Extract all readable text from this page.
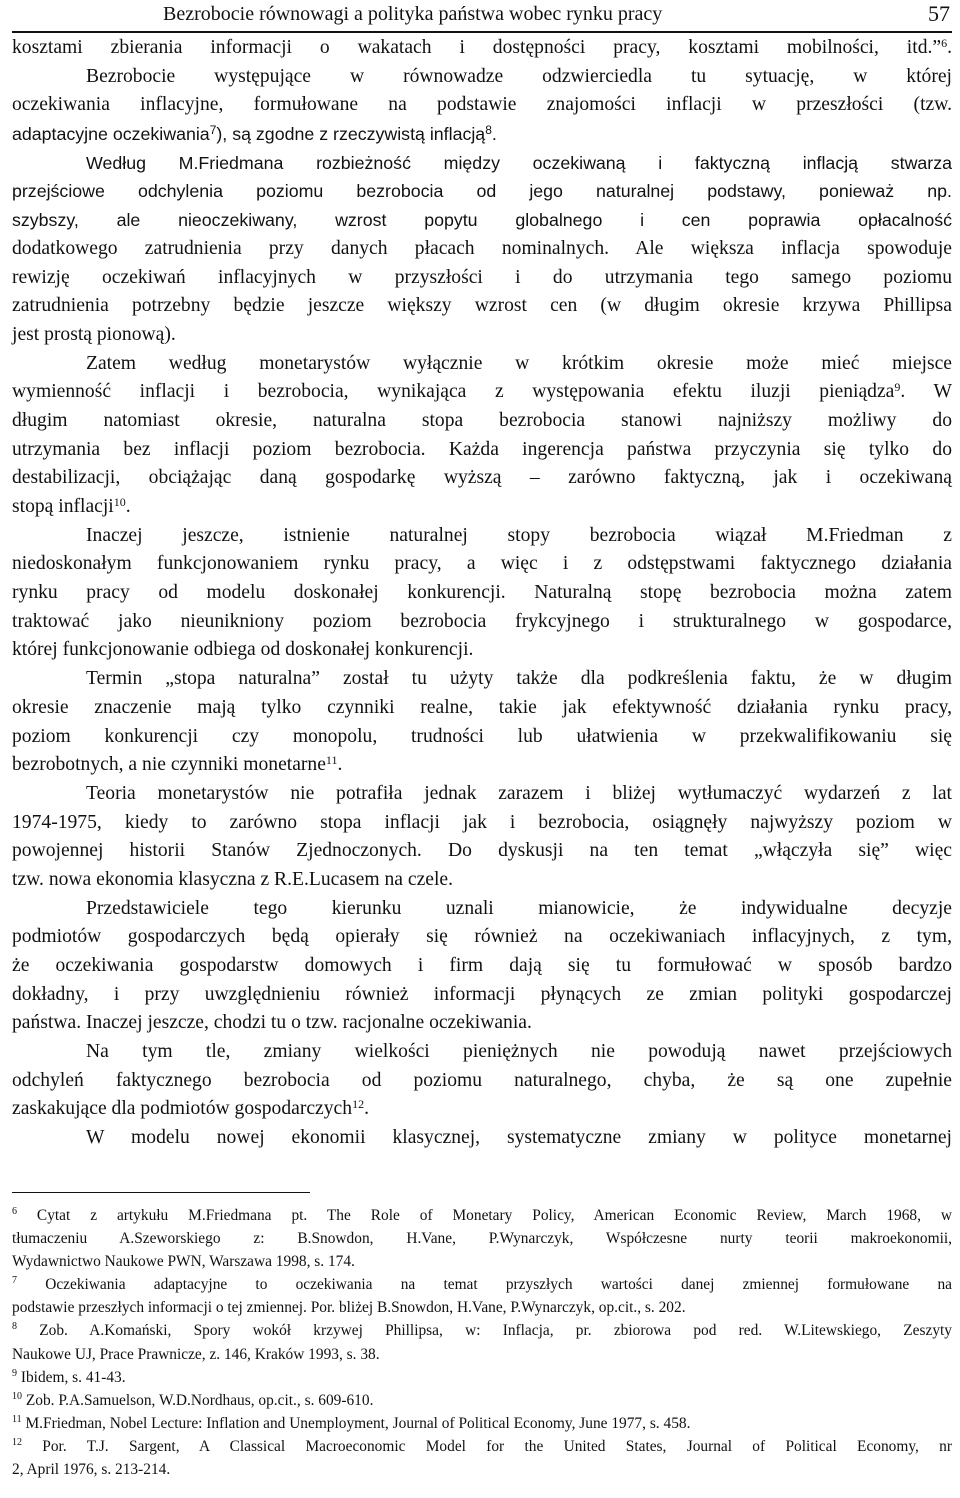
Bezrobocie równowagi a polityka państwa wobec rynku pracy	57
kosztami zbierania informacji o wakatach i dostępności pracy, kosztami mobilności, itd.”$^6$.
Bezrobocie występujące w równowadze odzwierciedla tu sytuację, w której
oczekiwania inflacyjne, formułowane na podstawie znajomości inflacji w przeszłości (tzw.
adaptacyjne oczekiwania$^7$), są zgodne z rzeczywistą inflacją$^8$.
Według M.Friedmana rozbieżność między oczekiwaną i faktyczną inflacją stwarza
przejściowe odchylenia poziomu bezrobocia od jego naturalnej podstawy, ponieważ np.
szybszy, ale nieoczekiwany, wzrost popytu globalnego i cen poprawia opłacalność
dodatkowego zatrudnienia przy danych płacach nominalnych. Ale większa inflacja spowoduje
rewizję oczekiwań inflacyjnych w przyszłości i do utrzymania tego samego poziomu
zatrudnienia potrzebny będzie jeszcze większy wzrost cen (w długim okresie krzywa Phillipsa
jest prostą pionową).
Zatem według monetarystów wyłącznie w krótkim okresie może mieć miejsce
wymienność inflacji i bezrobocia, wynikająca z występowania efektu iluzji pieniądza$^9$. W
długim natomiast okresie, naturalna stopa bezrobocia stanowi najniższy możliwy do
utrzymania bez inflacji poziom bezrobocia. Każda ingerencja państwa przyczynia się tylko do
destabilizacji, obciążając daną gospodarkę wyższą – zarówno faktyczną, jak i oczekiwaną
stopą inflacji$^{10}$.
Inaczej jeszcze, istnienie naturalnej stopy bezrobocia wiązał M.Friedman z
niedoskonałym funkcjonowaniem rynku pracy, a więc i z odstępstwami faktycznego działania
rynku pracy od modelu doskonałej konkurencji. Naturalną stopę bezrobocia można zatem
traktować jako nieunikniony poziom bezrobocia frykcyjnego i strukturalnego w gospodarce,
której funkcjonowanie odbiega od doskonałej konkurencji.
Termin „stopa naturalna” został tu użyty także dla podkreślenia faktu, że w długim
okresie znaczenie mają tylko czynniki realne, takie jak efektywność działania rynku pracy,
poziom konkurencji czy monopolu, trudności lub ułatwienia w przekwalifikowaniu się
bezrobotnych, a nie czynniki monetarne$^{11}$.
Teoria monetarystów nie potrafiła jednak zarazem i bliżej wytłumaczyć wydarzeń z lat
1974-1975, kiedy to zarówno stopa inflacji jak i bezrobocia, osiągnęły najwyższy poziom w
powojennej historii Stanów Zjednoczonych. Do dyskusji na ten temat „włączyła się” więc
tzw. nowa ekonomia klasyczna z R.E.Lucasem na czele.
Przedstawiciele tego kierunku uznali mianowicie, że indywidualne decyzje
podmiotów gospodarczych będą opierały się również na oczekiwaniach inflacyjnych, z tym,
że oczekiwania gospodarstw domowych i firm dają się tu formułować w sposób bardzo
dokładny, i przy uwzględnieniu również informacji płynących ze zmian polityki gospodarczej
państwa. Inaczej jeszcze, chodzi tu o tzw. racjonalne oczekiwania.
Na tym tle, zmiany wielkości pieniężnych nie powodują nawet przejściowych
odchyleń faktycznego bezrobocia od poziomu naturalnego, chyba, że są one zupełnie
zaskakujące dla podmiotów gospodarczych$^{12}$.
W modelu nowej ekonomii klasycznej, systematyczne zmiany w polityce monetarnej
$^6$ Cytat z artykułu M.Friedmana pt. The Role of Monetary Policy, American Economic Review, March 1968, w
tłumaczeniu A.Szeworskiego z: B.Snowdon, H.Vane, P.Wynarczyk, Współczesne nurty teorii makroekonomii,
Wydawnictwo Naukowe PWN, Warszawa 1998, s. 174.
$^7$ Oczekiwania adaptacyjne to oczekiwania na temat przyszłych wartości danej zmiennej formułowane na
podstawie przeszłych informacji o tej zmiennej. Por. bliżej B.Snowdon, H.Vane, P.Wynarczyk, op.cit., s. 202.
$^8$ Zob. A.Komański, Spory wokół krzywej Phillipsa, w: Inflacja, pr. zbiorowa pod red. W.Litewskiego, Zeszyty
Naukowe UJ, Prace Prawnicze, z. 146, Kraków 1993, s. 38.
$^9$ Ibidem, s. 41-43.
$^{10}$ Zob. P.A.Samuelson, W.D.Nordhaus, op.cit., s. 609-610.
$^{11}$ M.Friedman, Nobel Lecture: Inflation and Unemployment, Journal of Political Economy, June 1977, s. 458.
$^{12}$ Por. T.J. Sargent, A Classical Macroeconomic Model for the United States, Journal of Political Economy, nr
2, April 1976, s. 213-214.
